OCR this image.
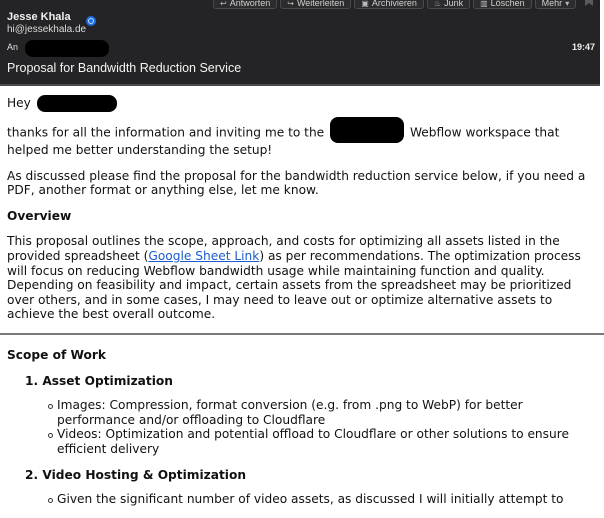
↩ Antworten ↪ Weiterleiten ▣ Archivieren ♨ Junk ▥ Löschen Mehr ▾
Jesse Khala
hi@jessekhala.de
An	19:47
Proposal for Bandwidth Reduction Service
Hey
thanks for all the information and inviting me to the	Webflow workspace that helped me better understanding the setup!
As discussed please find the proposal for the bandwidth reduction service below, if you need a PDF, another format or anything else, let me know.
Overview
This proposal outlines the scope, approach, and costs for optimizing all assets listed in the provided spreadsheet (Google Sheet Link) as per recommendations. The optimization process will focus on reducing Webflow bandwidth usage while maintaining function and quality. Depending on feasibility and impact, certain assets from the spreadsheet may be prioritized over others, and in some cases, I may need to leave out or optimize alternative assets to achieve the best overall outcome.
Scope of Work
1. Asset Optimization
Images: Compression, format conversion (e.g. from .png to WebP) for better performance and/or offloading to Cloudflare
Videos: Optimization and potential offload to Cloudflare or other solutions to ensure efficient delivery
2. Video Hosting & Optimization
Given the significant number of video assets, as discussed I will initially attempt to
